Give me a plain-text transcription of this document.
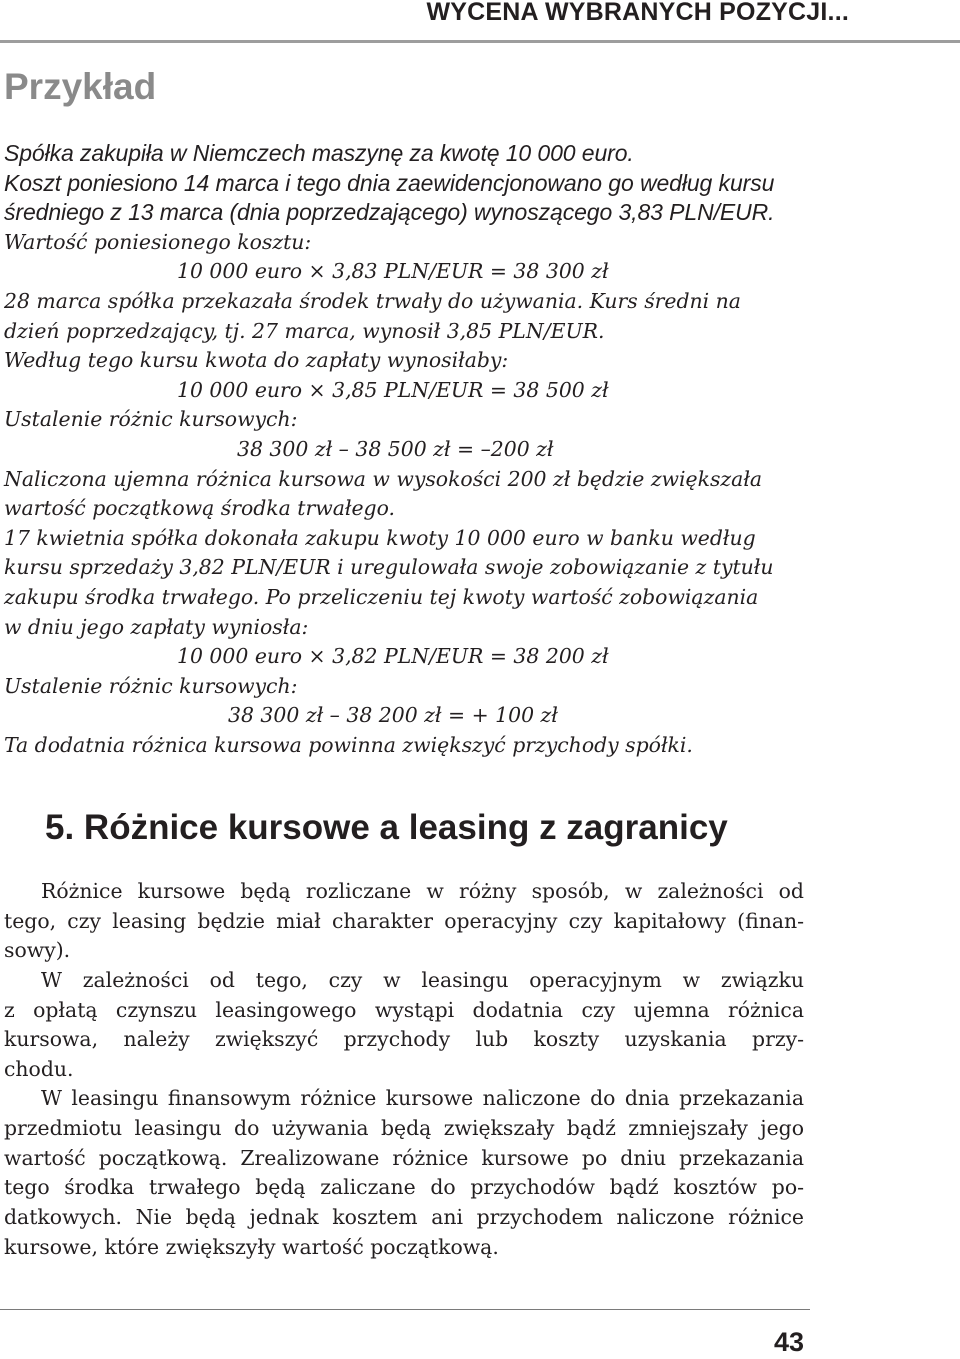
WYCENA WYBRANYCH POZYCJI...
Przykład
Spółka zakupiła w Niemczech maszynę za kwotę 10 000 euro.
Koszt poniesiono 14 marca i tego dnia zaewidencjonowano go według kursu
średniego z 13 marca (dnia poprzedzającego) wynoszącego 3,83 PLN/EUR.
Wartość poniesionego kosztu:
10 000 euro × 3,83 PLN/EUR = 38 300 zł
28 marca spółka przekazała środek trwały do używania. Kurs średni na
dzień poprzedzający, tj. 27 marca, wynosił 3,85 PLN/EUR.
Według tego kursu kwota do zapłaty wynosiłaby:
10 000 euro × 3,85 PLN/EUR = 38 500 zł
Ustalenie różnic kursowych:
38 300 zł – 38 500 zł = –200 zł
Naliczona ujemna różnica kursowa w wysokości 200 zł będzie zwiększała
wartość początkową środka trwałego.
17 kwietnia spółka dokonała zakupu kwoty 10 000 euro w banku według
kursu sprzedaży 3,82 PLN/EUR i uregulowała swoje zobowiązanie z tytułu
zakupu środka trwałego. Po przeliczeniu tej kwoty wartość zobowiązania
w dniu jego zapłaty wyniosła:
10 000 euro × 3,82 PLN/EUR = 38 200 zł
Ustalenie różnic kursowych:
38 300 zł – 38 200 zł = + 100 zł
Ta dodatnia różnica kursowa powinna zwiększyć przychody spółki.
5. Różnice kursowe a leasing z zagranicy
Różnice kursowe będą rozliczane w różny sposób, w zależności od
tego, czy leasing będzie miał charakter operacyjny czy kapitałowy (finan-
sowy).
W zależności od tego, czy w leasingu operacyjnym w związku
z opłatą czynszu leasingowego wystąpi dodatnia czy ujemna różnica
kursowa, należy zwiększyć przychody lub koszty uzyskania przy-
chodu.
W leasingu finansowym różnice kursowe naliczone do dnia przekazania
przedmiotu leasingu do używania będą zwiększały bądź zmniejszały jego
wartość początkową. Zrealizowane różnice kursowe po dniu przekazania
tego środka trwałego będą zaliczane do przychodów bądź kosztów po-
datkowych. Nie będą jednak kosztem ani przychodem naliczone różnice
kursowe, które zwiększyły wartość początkową.
43
